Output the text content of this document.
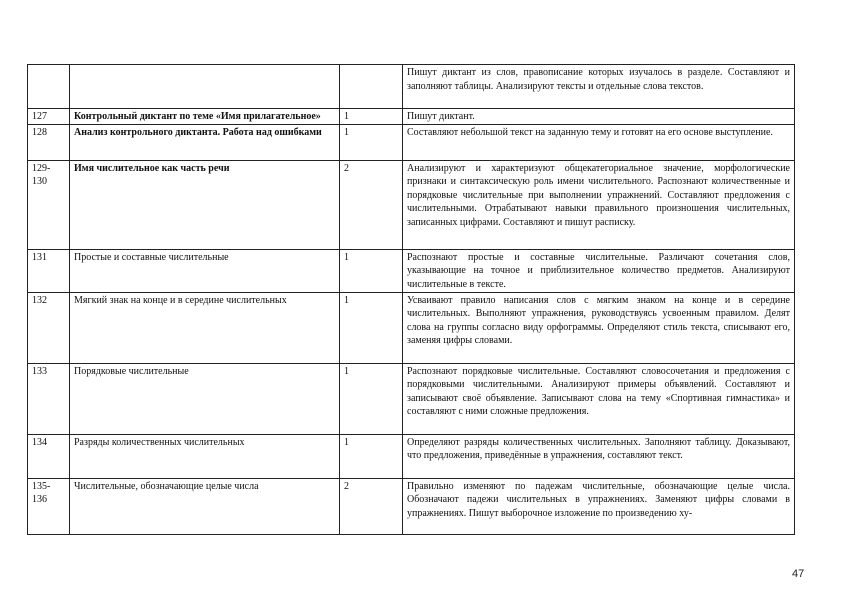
			Пишут диктант из слов, правописание которых изучалось в разделе. Составляют и заполняют таблицы. Анализируют тексты и отдельные слова текстов.
127	Контрольный диктант по теме «Имя прилагательное»	1	Пишут диктант.
128	Анализ контрольного диктанта. Работа над ошибками	1	Составляют небольшой текст на заданную тему и готовят на его основе выступление.
129-130	Имя числительное как часть речи	2	Анализируют и характеризуют общекатегориальное значение, морфологические признаки и синтаксическую роль имени числительного. Распознают количественные и порядковые числительные при выполнении упражнений. Составляют предложения с числительными. Отрабатывают навыки правильного произношения числительных, записанных цифрами. Составляют и пишут расписку.
131	Простые и составные числительные	1	Распознают простые и составные числительные. Различают сочетания слов, указывающие на точное и приблизительное количество предметов. Анализируют числительные в тексте.
132	Мягкий знак на конце и в середине числительных	1	Усваивают правило написания слов с мягким знаком на конце и в середине числительных. Выполняют упражнения, руководствуясь усвоенным правилом. Делят слова на группы согласно виду орфограммы. Определяют стиль текста, списывают его, заменяя цифры словами.
133	Порядковые числительные	1	Распознают порядковые числительные. Составляют словосочетания и предложения с порядковыми числительными. Анализируют примеры объявлений. Составляют и записывают своё объявление. Записывают слова на тему «Спортивная гимнастика» и составляют с ними сложные предложения.
134	Разряды количественных числительных	1	Определяют разряды количественных числительных. Заполняют таблицу. Доказывают, что предложения, приведённые в упражнения, составляют текст.
135-136	Числительные, обозначающие целые числа	2	Правильно изменяют по падежам числительные, обозначающие целые числа. Обозначают падежи числительных в упражнениях. Заменяют цифры словами в упражнениях. Пишут выборочное изложение по произведению ху-
47
